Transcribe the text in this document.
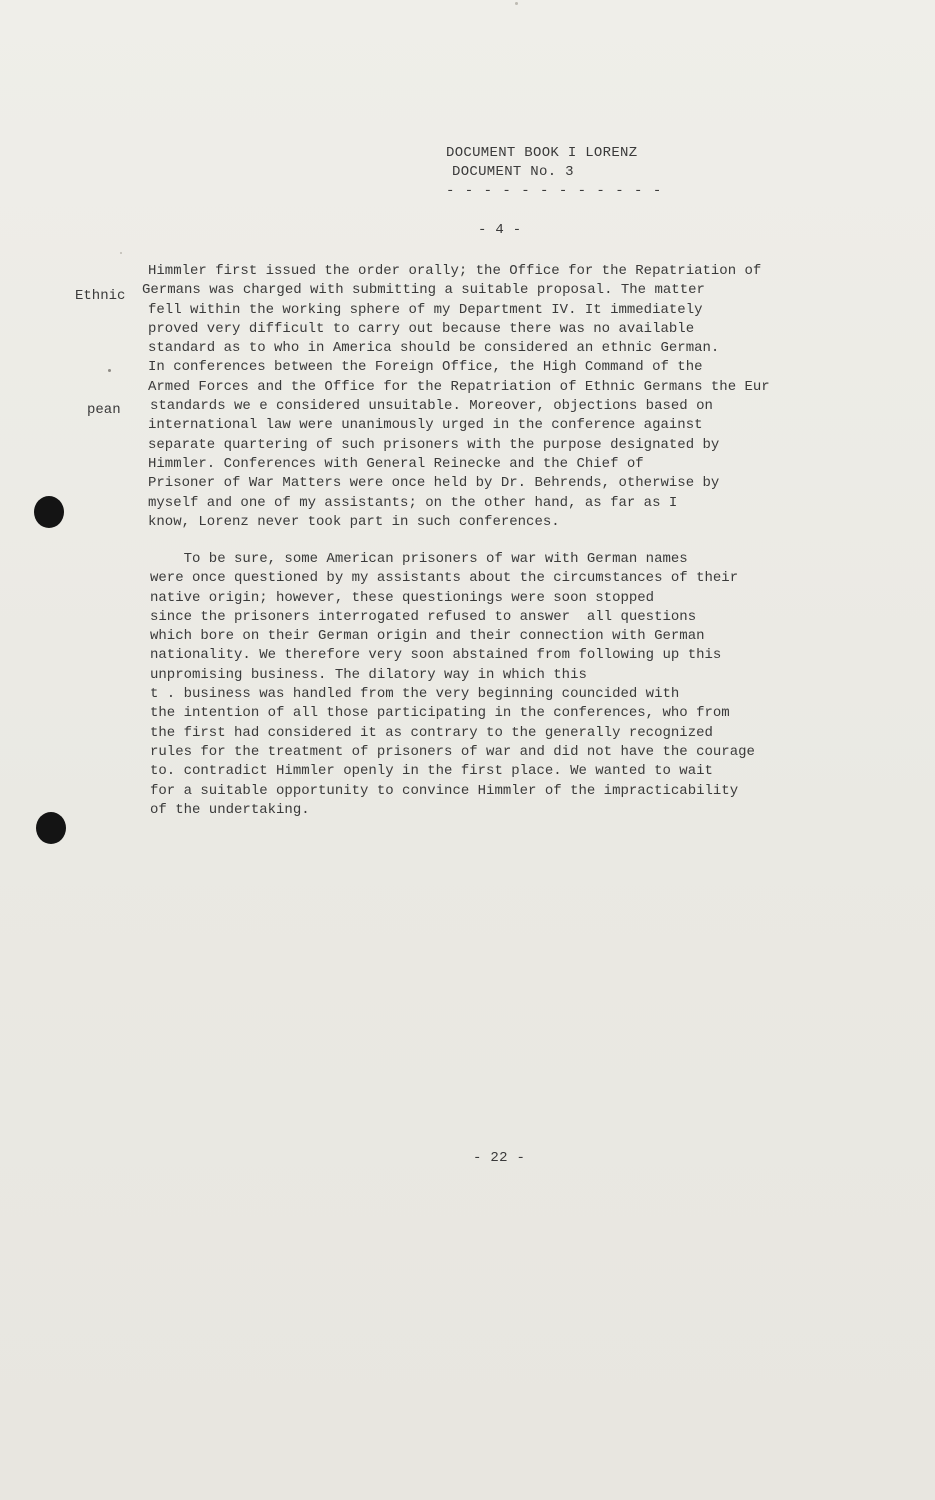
DOCUMENT BOOK I LORENZ
DOCUMENT No. 3
- - - - - - - - - - - -
- 4 -
Ethnic
pean
Himmler first issued the order orally; the Office for the Repatriation of
Germans was charged with submitting a suitable proposal. The matter
fell within the working sphere of my Department IV. It immediately
proved very difficult to carry out because there was no available
standard as to who in America should be considered an ethnic German.
In conferences between the Foreign Office, the High Command of the
Armed Forces and the Office for the Repatriation of Ethnic Germans the Eur
standards we e considered unsuitable. Moreover, objections based on
international law were unanimously urged in the conference against
separate quartering of such prisoners with the purpose designated by
Himmler. Conferences with General Reinecke and the Chief of
Prisoner of War Matters were once held by Dr. Behrends, otherwise by
myself and one of my assistants; on the other hand, as far as I
know, Lorenz never took part in such conferences.
To be sure, some American prisoners of war with German names
were once questioned by my assistants about the circumstances of their
native origin; however, these questionings were soon stopped
since the prisoners interrogated refused to answer  all questions
which bore on their German origin and their connection with German
nationality. We therefore very soon abstained from following up this
unpromising business. The dilatory way in which this
t . business was handled from the very beginning councided with
the intention of all those participating in the conferences, who from
the first had considered it as contrary to the generally recognized
rules for the treatment of prisoners of war and did not have the courage
to. contradict Himmler openly in the first place. We wanted to wait
for a suitable opportunity to convince Himmler of the impracticability
of the undertaking.
- 22 -
